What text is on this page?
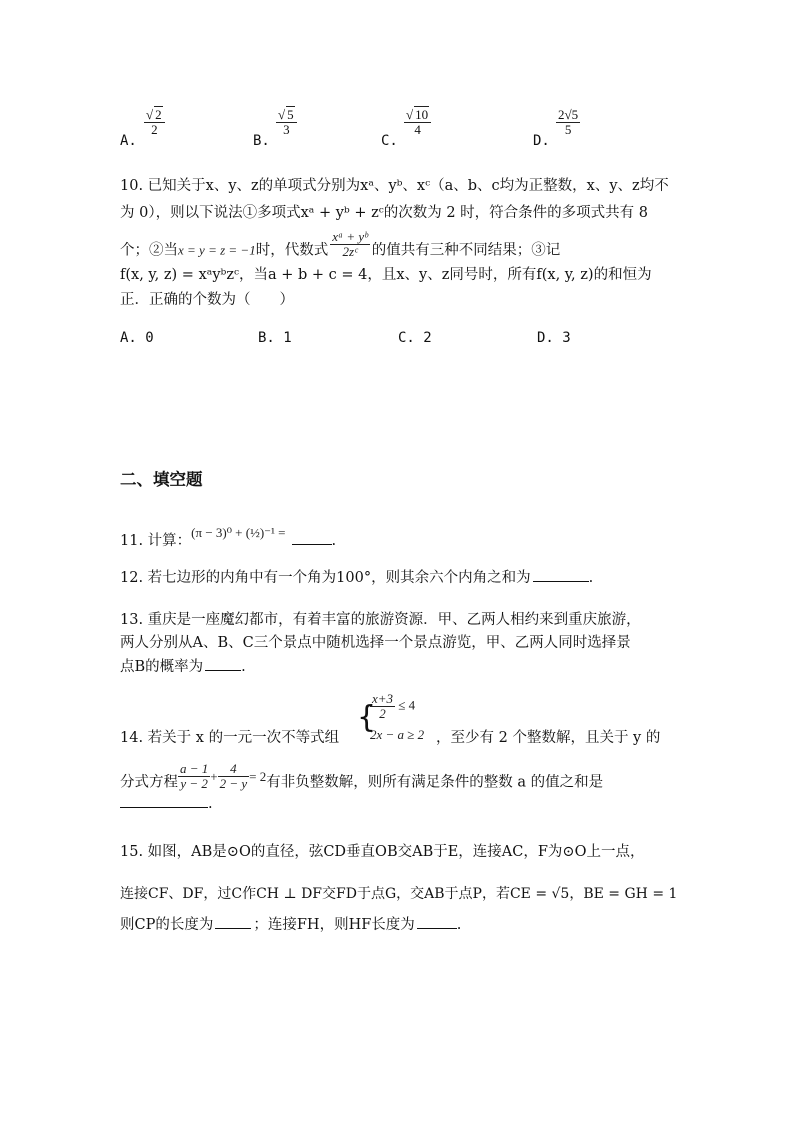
A.
$\frac{√ 2}{2}$
B.
$\frac{√ 5}{3}$
C.
$\frac{√ 10}{4}$
D.
$\frac{2√5}{5}$
10. 已知关于x、y、z的单项式分别为xᵃ、yᵇ、xᶜ（a、b、c均为正整数，x、y、z均不
为 0），则以下说法①多项式xᵃ + yᵇ + zᶜ的次数为 2 时，符合条件的多项式共有 8
个；②当x = y = z = −1时，代数式 $\frac{\text{xᵃ + yᵇ}}{\text{2zᶜ}}$ 的值共有三种不同结果；③记
f(x, y, z) = xᵃyᵇzᶜ，当a + b + c = 4，且x、y、z同号时，所有f(x, y, z)的和恒为
正．正确的个数为（　　）
A. 0	B. 1	C. 2	D. 3
二、填空题
11. 计算：(π − 3)⁰ + (½)⁻¹ =.
12. 若七边形的内角中有一个角为100°，则其余六个内角之和为	.
13. 重庆是一座魔幻都市，有着丰富的旅游资源．甲、乙两人相约来到重庆旅游，
两人分别从A、B、C三个景点中随机选择一个景点游览，甲、乙两人同时选择景
点B的概率为	.
{
$\frac{x+3}{2} \le 4$
2x − a ≥ 2
14. 若关于 x 的一元一次不等式组	，至少有 2 个整数解，且关于 y 的
分式方程 $\frac{a - 1}{y - 2} + \frac{4}{2 - y} = 2$有非负整数解，则所有满足条件的整数 a 的值之和是
.
15. 如图，AB是⊙O的直径，弦CD垂直OB交AB于E，连接AC，F为⊙O上一点，
连接CF、DF，过C作CH ⊥ DF交FD于点G，交AB于点P，若CE = √5，BE = GH = 1
则CP的长度为	；连接FH，则HF长度为	.
